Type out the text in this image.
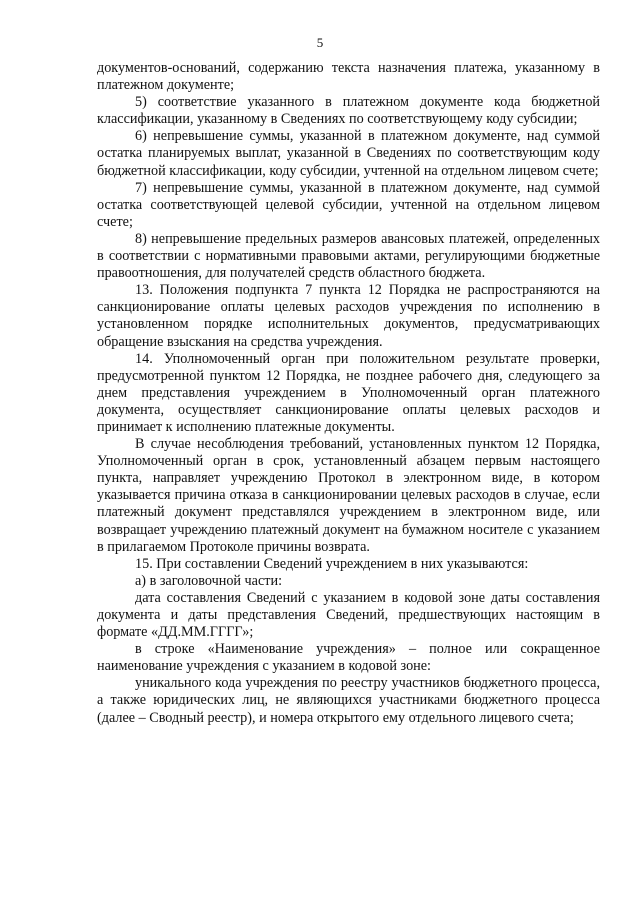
5

документов-оснований, содержанию текста назначения платежа, указанному в платежном документе;

5) соответствие указанного в платежном документе кода бюджетной классификации, указанному в Сведениях по соответствующему коду субсидии;

6) непревышение суммы, указанной в платежном документе, над суммой остатка планируемых выплат, указанной в Сведениях по соответствующим коду бюджетной классификации, коду субсидии, учтенной на отдельном лицевом счете;

7) непревышение суммы, указанной в платежном документе, над суммой остатка соответствующей целевой субсидии, учтенной на отдельном лицевом счете;

8) непревышение предельных размеров авансовых платежей, определенных в соответствии с нормативными правовыми актами, регулирующими бюджетные правоотношения, для получателей средств областного бюджета.

13. Положения подпункта 7 пункта 12 Порядка не распространяются на санкционирование оплаты целевых расходов учреждения по исполнению в установленном порядке исполнительных документов, предусматривающих обращение взыскания на средства учреждения.

14. Уполномоченный орган при положительном результате проверки, предусмотренной пунктом 12 Порядка, не позднее рабочего дня, следующего за днем представления учреждением в Уполномоченный орган платежного документа, осуществляет санкционирование оплаты целевых расходов и принимает к исполнению платежные документы.

В случае несоблюдения требований, установленных пунктом 12 Порядка, Уполномоченный орган в срок, установленный абзацем первым настоящего пункта, направляет учреждению Протокол в электронном виде, в котором указывается причина отказа в санкционировании целевых расходов в случае, если платежный документ представлялся учреждением в электронном виде, или возвращает учреждению платежный документ на бумажном носителе с указанием в прилагаемом Протоколе причины возврата.

15. При составлении Сведений учреждением в них указываются:

а) в заголовочной части:

дата составления Сведений с указанием в кодовой зоне даты составления документа и даты представления Сведений, предшествующих настоящим в формате «ДД.ММ.ГГГГ»;

в строке «Наименование учреждения» – полное или сокращенное наименование учреждения с указанием в кодовой зоне:

уникального кода учреждения по реестру участников бюджетного процесса, а также юридических лиц, не являющихся участниками бюджетного процесса (далее – Сводный реестр), и номера открытого ему отдельного лицевого счета;
